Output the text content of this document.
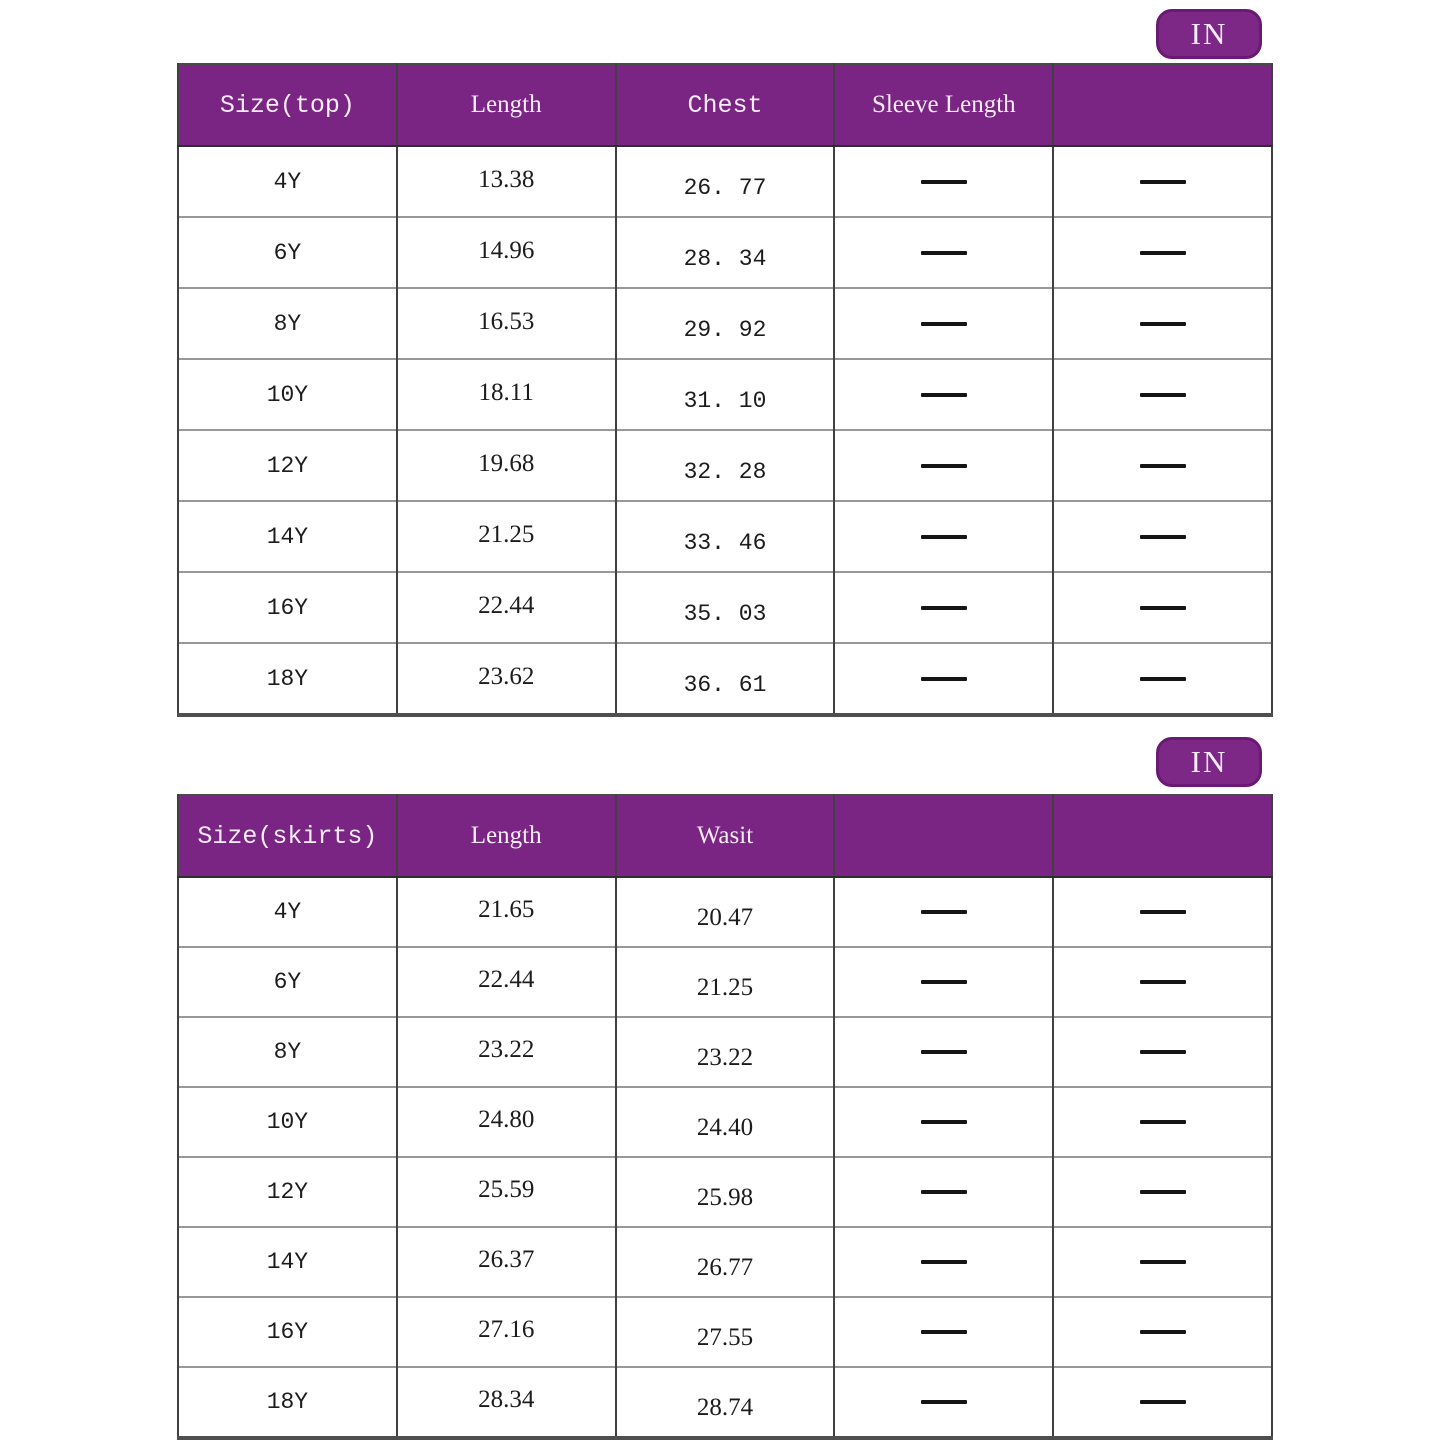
IN
IN
Size(top)	Length	Chest	Sleeve Length	
4Y	13.38	26. 77		
6Y	14.96	28. 34		
8Y	16.53	29. 92		
10Y	18.11	31. 10		
12Y	19.68	32. 28		
14Y	21.25	33. 46		
16Y	22.44	35. 03		
18Y	23.62	36. 61		
Size(skirts)	Length	Wasit		
4Y	21.65	20.47		
6Y	22.44	21.25		
8Y	23.22	23.22		
10Y	24.80	24.40		
12Y	25.59	25.98		
14Y	26.37	26.77		
16Y	27.16	27.55		
18Y	28.34	28.74		
